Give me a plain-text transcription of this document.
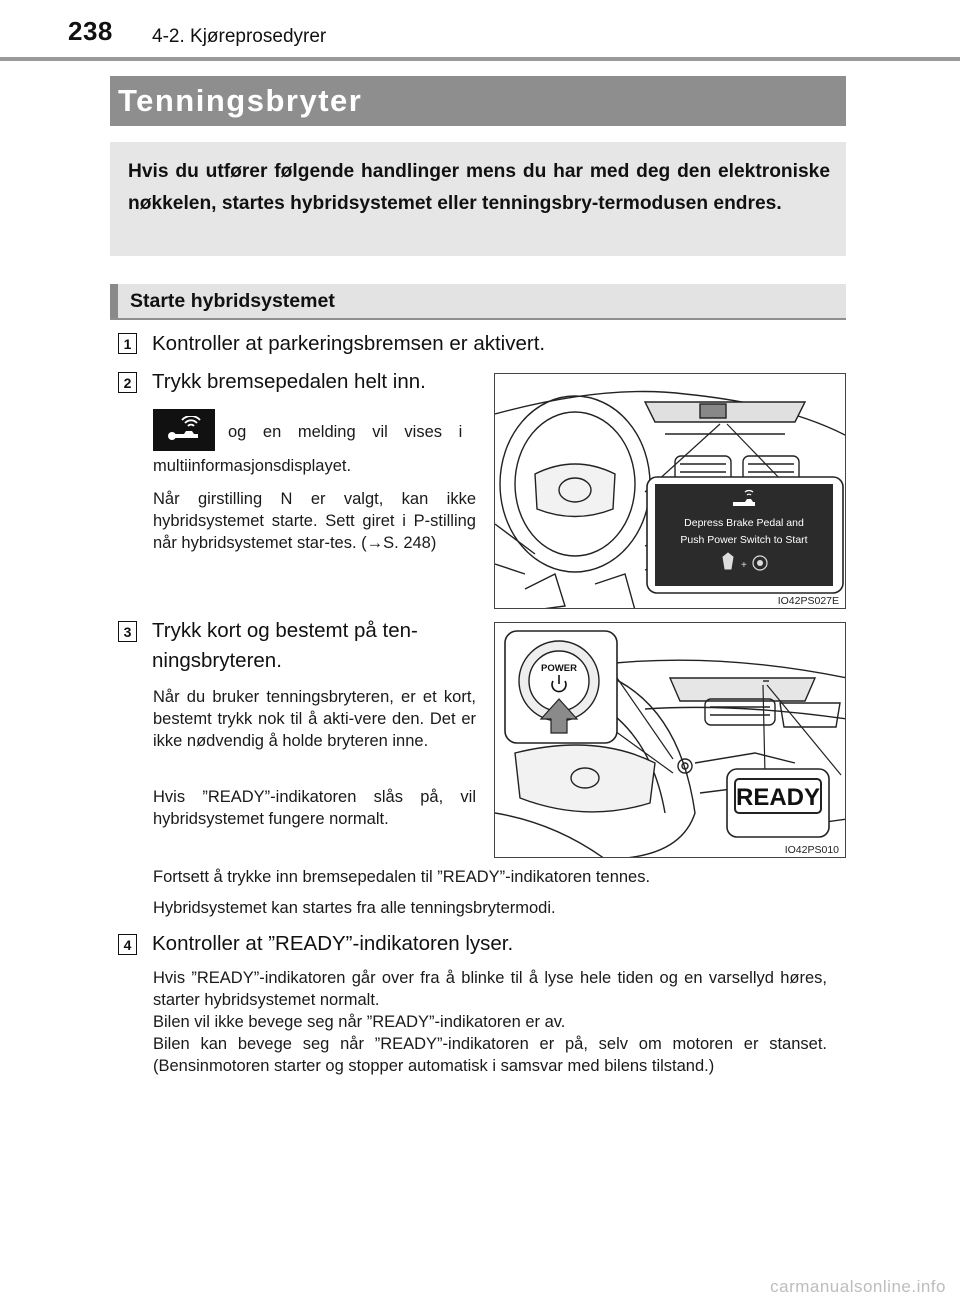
238 4-2. Kjøreprosedyrer
Tenningsbryter

Hvis du utfører følgende handlinger mens du har med deg den elektroniske nøkkelen, startes hybridsystemet eller tenningsbry-termodusen endres.

Starte hybridsystemet
1 Kontroller at parkeringsbremsen er aktivert.
2 Trykk bremsepedalen helt inn.
og en melding vil vises i
multiinformasjonsdisplayet.
Når girstilling N er valgt, kan ikke hybridsystemet starte. Sett giret i P-stilling når hybridsystemet star-tes. (→S. 248)
Depress Brake Pedal and
Push Power Switch to Start
+
IO42PS027E
3 Trykk kort og bestemt på ten-
ningsbryteren.
Når du bruker tenningsbryteren, er et kort, bestemt trykk nok til å akti-vere den. Det er ikke nødvendig å holde bryteren inne.
Hvis ”READY”-indikatoren slås på, vil hybridsystemet fungere normalt.
POWER
READY
IO42PS010
Fortsett å trykke inn bremsepedalen til ”READY”-indikatoren tennes.
Hybridsystemet kan startes fra alle tenningsbrytermodi.
4 Kontroller at ”READY”-indikatoren lyser.
Hvis ”READY”-indikatoren går over fra å blinke til å lyse hele tiden og en varsellyd høres, starter hybridsystemet normalt.
Bilen vil ikke bevege seg når ”READY”-indikatoren er av.
Bilen kan bevege seg når ”READY”-indikatoren er på, selv om motoren er stanset. (Bensinmotoren starter og stopper automatisk i samsvar med bilens tilstand.)
carmanualsonline.info
